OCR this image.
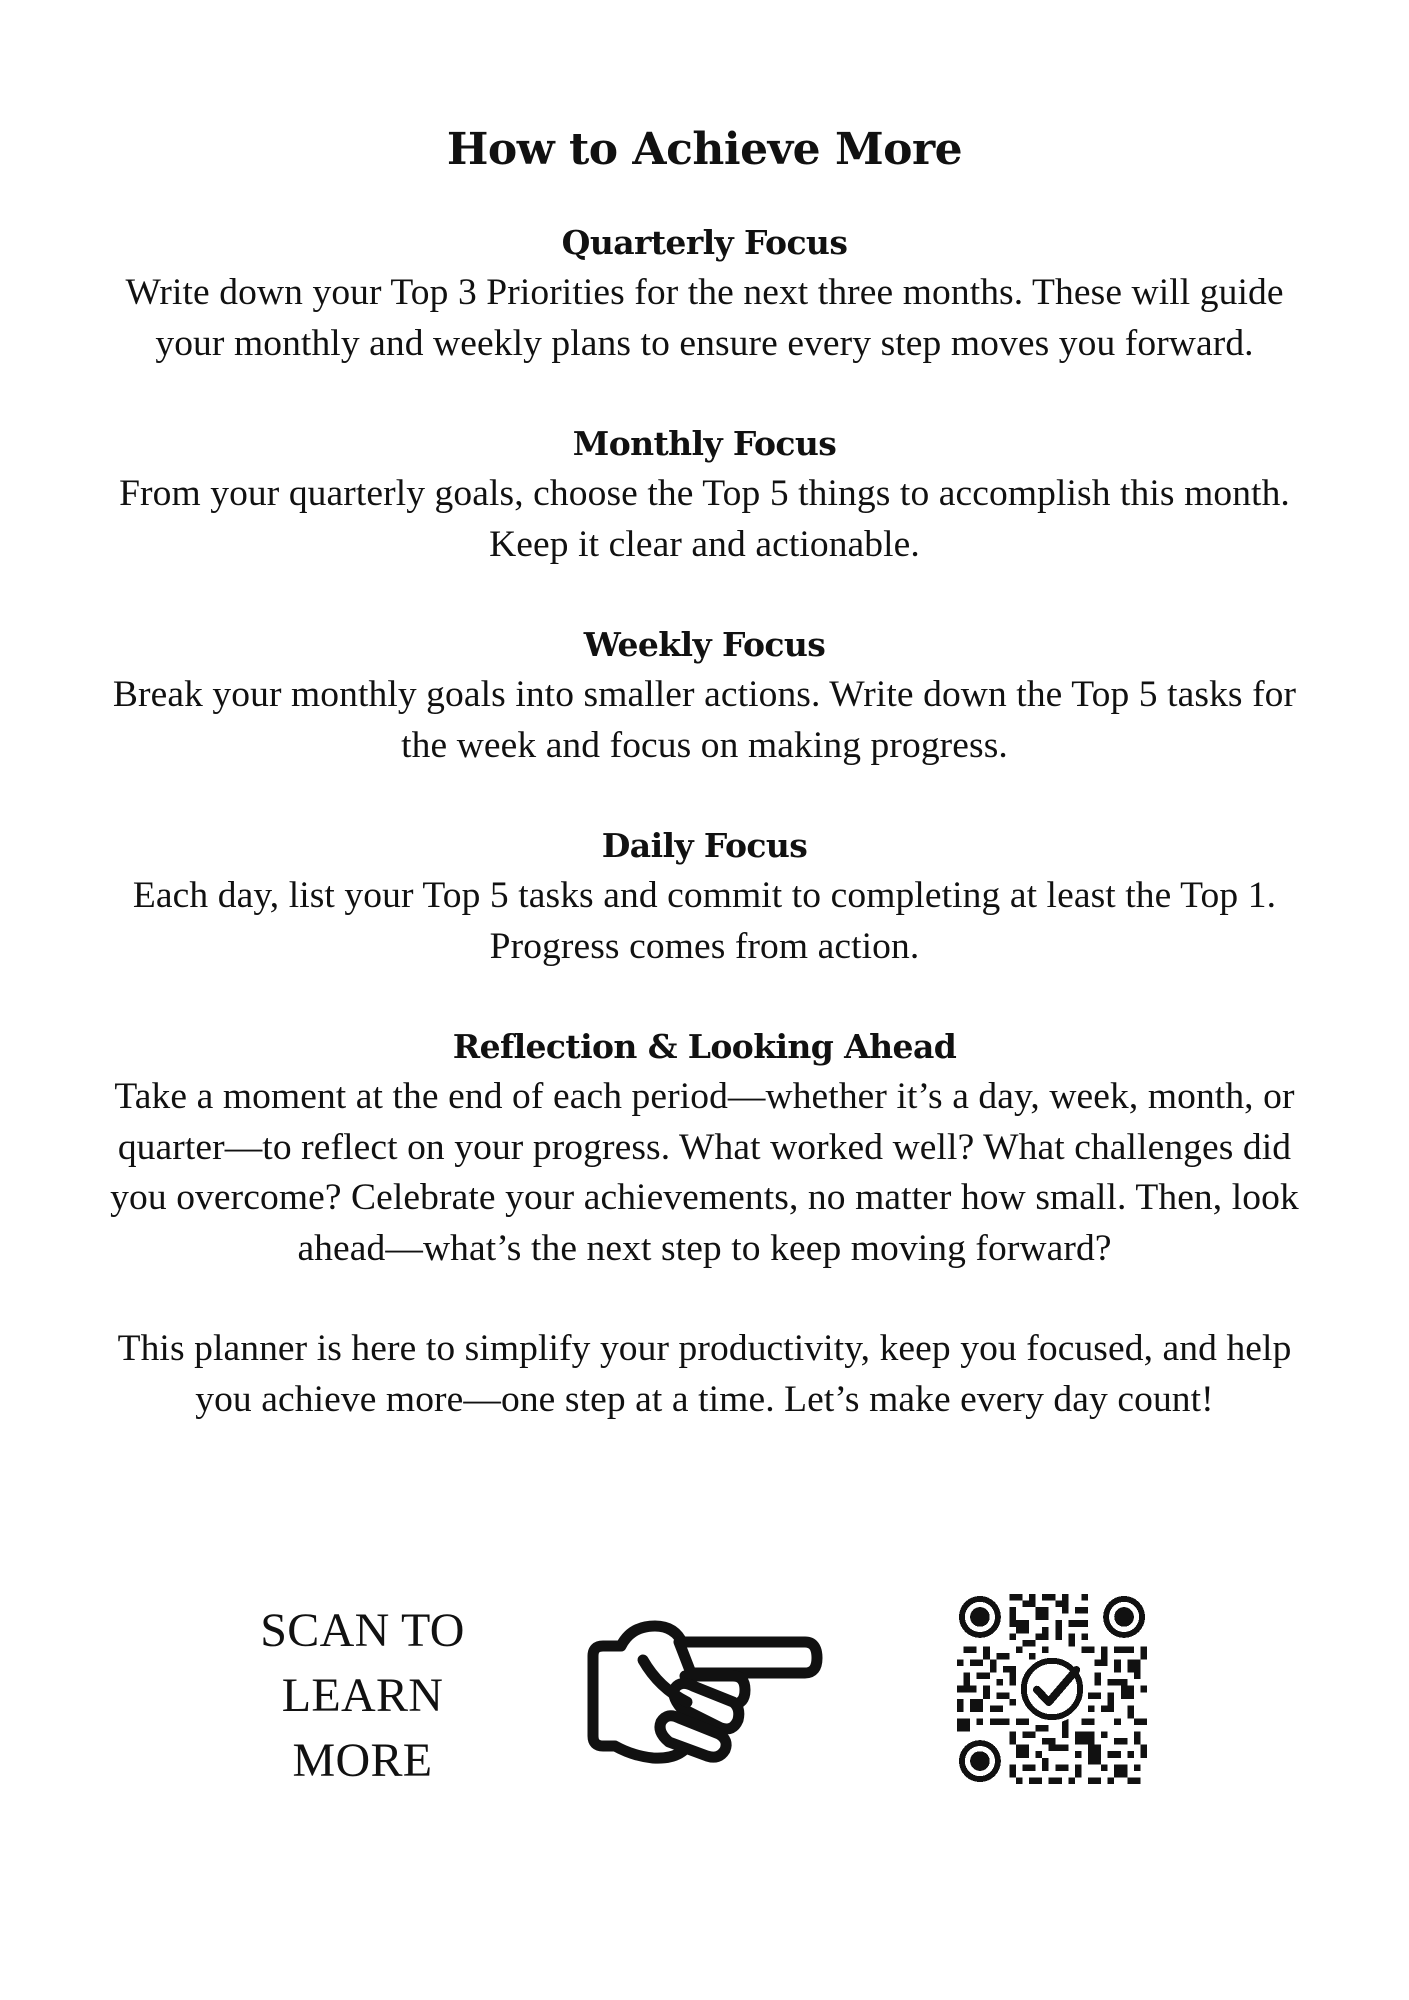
How to Achieve More
Quarterly Focus

Write down your Top 3 Priorities for the next three months. These will guide your monthly and weekly plans to ensure every step moves you forward.

Monthly Focus

From your quarterly goals, choose the Top 5 things to accomplish this month. Keep it clear and actionable.

Weekly Focus

Break your monthly goals into smaller actions. Write down the Top 5 tasks for the week and focus on making progress.

Daily Focus

Each day, list your Top 5 tasks and commit to completing at least the Top 1. Progress comes from action.

Reflection & Looking Ahead

Take a moment at the end of each period—whether it’s a day, week, month, or quarter—to reflect on your progress. What worked well? What challenges did you overcome? Celebrate your achievements, no matter how small. Then, look ahead—what’s the next step to keep moving forward?

This planner is here to simplify your productivity, keep you focused, and help you achieve more—one step at a time. Let’s make every day count!

SCAN TO
LEARN
MORE
